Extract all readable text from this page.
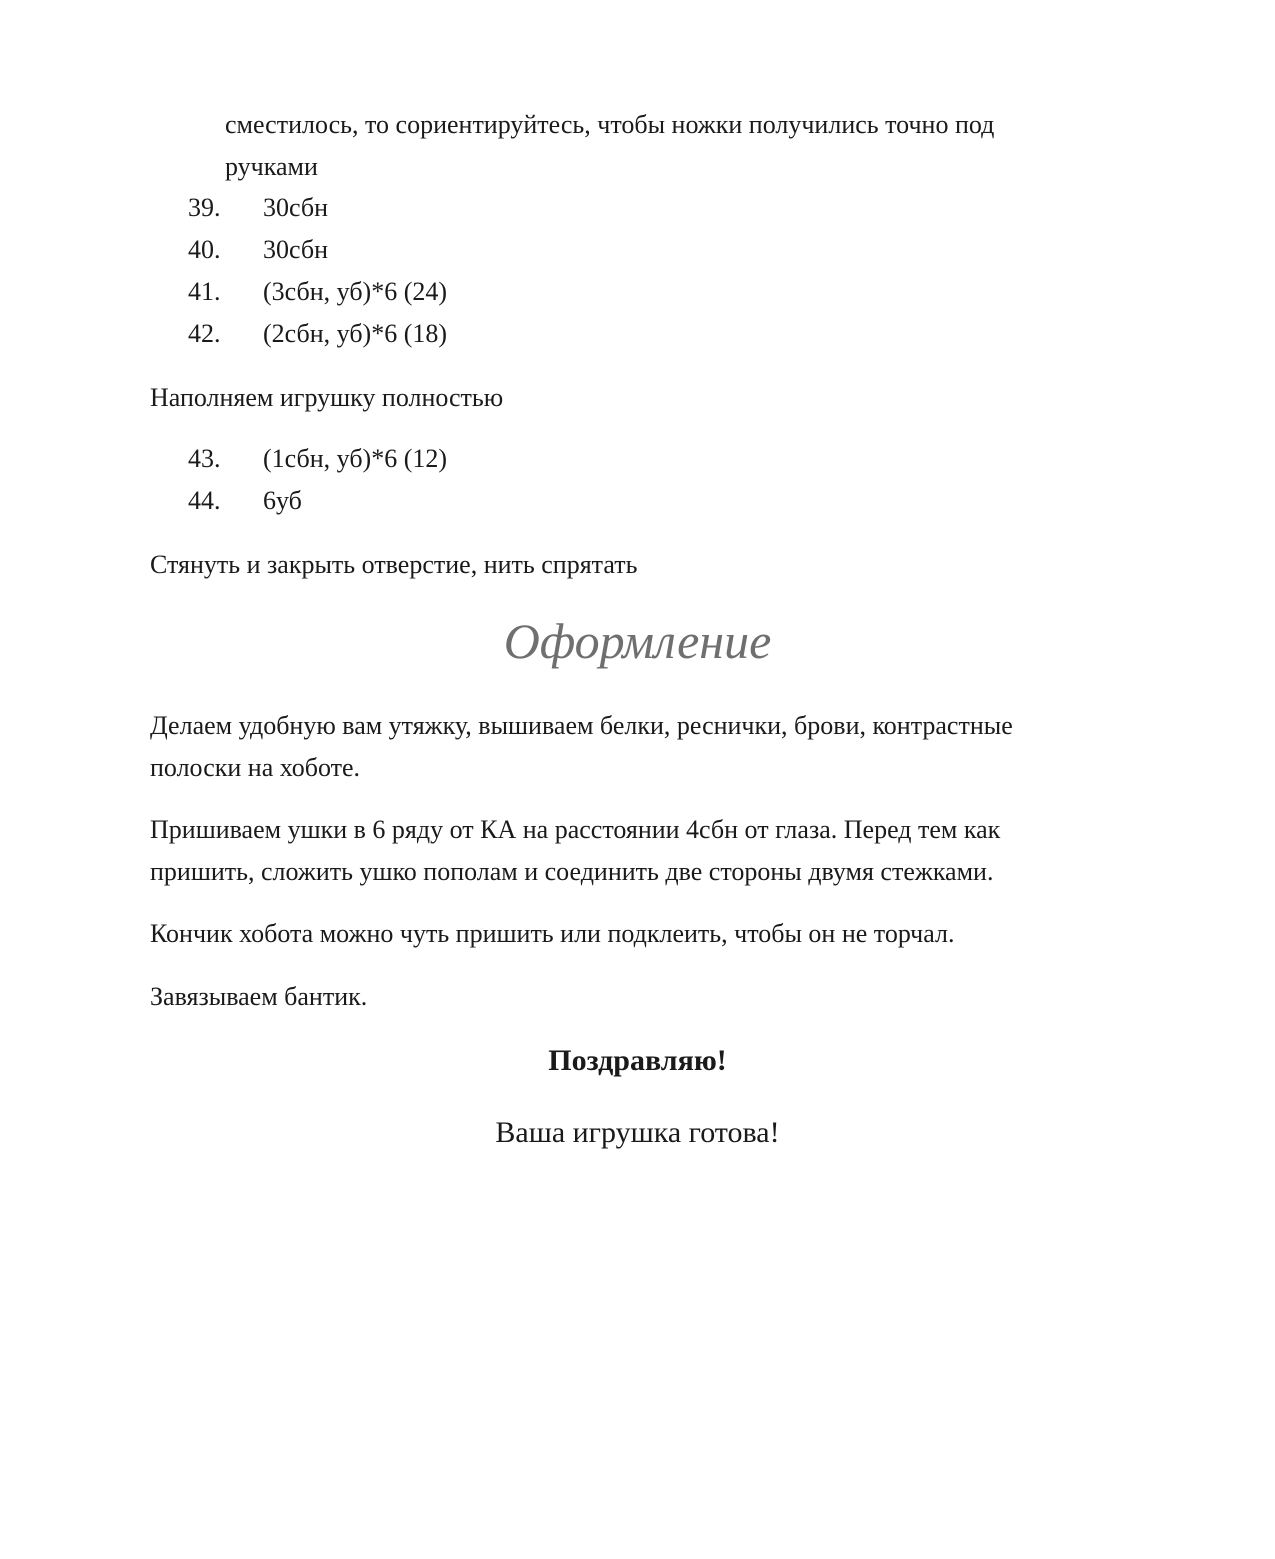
сместилось, то сориентируйтесь, чтобы ножки получились точно под
ручками
39. 30сбн
40. 30сбн
41. (3сбн, уб)*6 (24)
42. (2сбн, уб)*6 (18)
Наполняем игрушку полностью
43. (1сбн, уб)*6 (12)
44. 6уб
Стянуть и закрыть отверстие, нить спрятать
Оформление
Делаем удобную вам утяжку, вышиваем белки, реснички, брови, контрастные
полоски на хоботе.
Пришиваем ушки в 6 ряду от КА на расстоянии 4сбн от глаза. Перед тем как
пришить, сложить ушко пополам и соединить две стороны двумя стежками.
Кончик хобота можно чуть пришить или подклеить, чтобы он не торчал.
Завязываем бантик.
Поздравляю!
Ваша игрушка готова!
